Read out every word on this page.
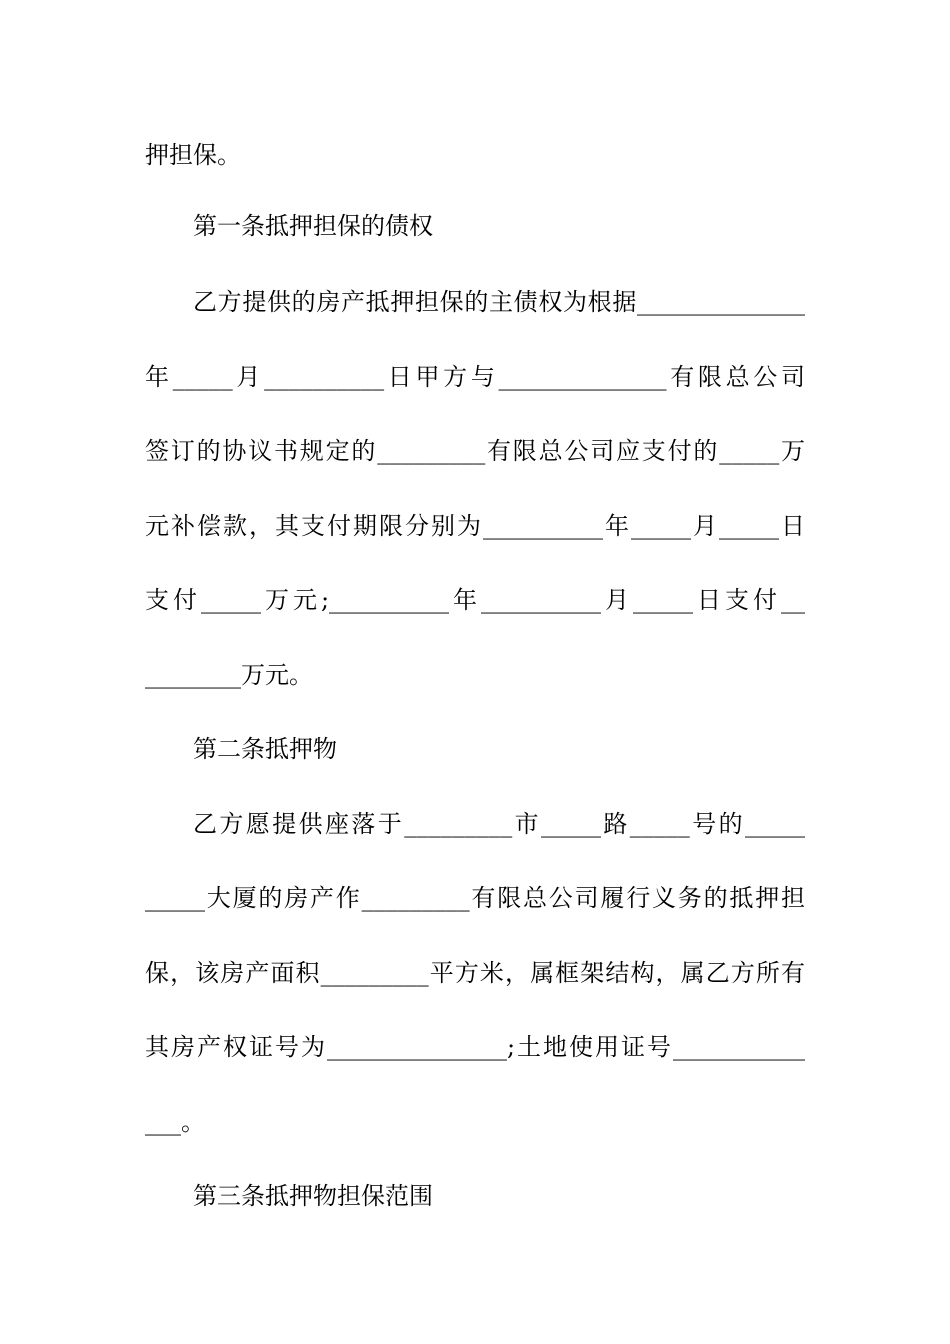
押担保。
第一条抵押担保的债权
乙方提供的房产抵押担保的主债权为根据______________
年_____月__________日甲方与______________有限总公司
签订的协议书规定的_________有限总公司应支付的_____万
元补偿款，其支付期限分别为__________年_____月_____日
支付_____万元;__________年__________月_____日支付__
________万元。
第二条抵押物
乙方愿提供座落于_________市_____路_____号的_____
_____大厦的房产作_________有限总公司履行义务的抵押担
保，该房产面积_________平方米，属框架结构，属乙方所有
其房产权证号为_______________;土地使用证号___________
___。
第三条抵押物担保范围
